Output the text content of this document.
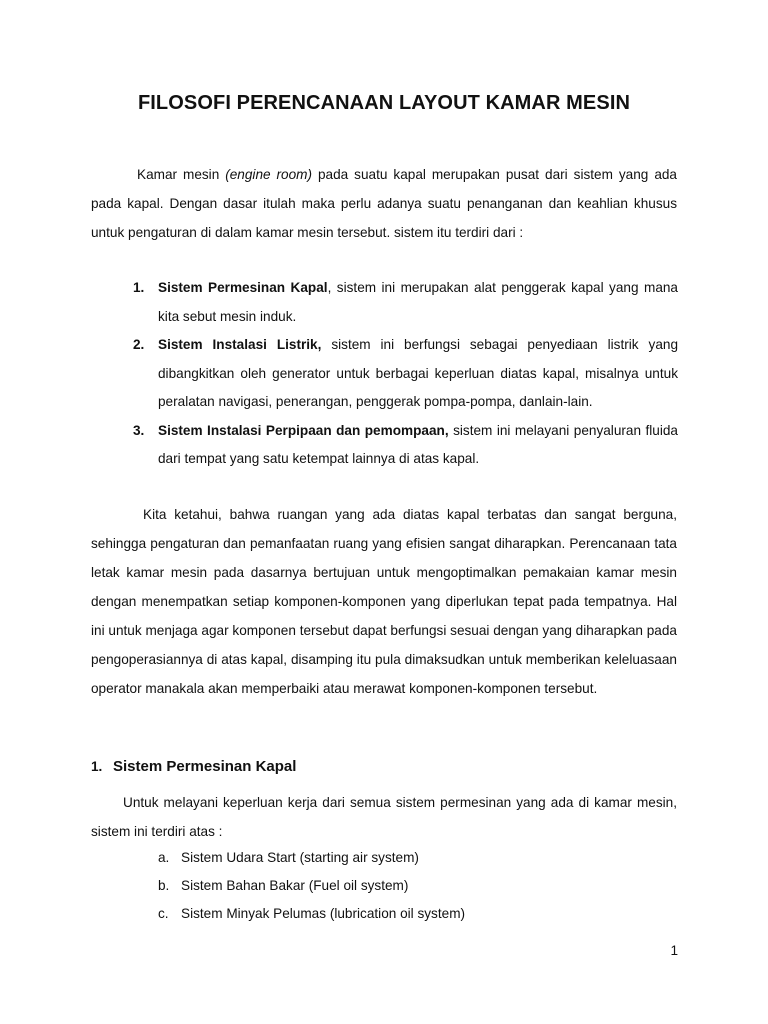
FILOSOFI PERENCANAAN LAYOUT KAMAR MESIN

Kamar mesin (engine room) pada suatu kapal merupakan pusat dari sistem yang ada pada kapal. Dengan dasar itulah maka perlu adanya suatu penanganan dan keahlian khusus untuk pengaturan di dalam kamar mesin tersebut. sistem itu terdiri dari :

1. Sistem Permesinan Kapal, sistem ini merupakan alat penggerak kapal yang mana kita sebut mesin induk.
2. Sistem Instalasi Listrik, sistem ini berfungsi sebagai penyediaan listrik yang dibangkitkan oleh generator untuk berbagai keperluan diatas kapal, misalnya untuk peralatan navigasi, penerangan, penggerak pompa-pompa, danlain-lain.
3. Sistem Instalasi Perpipaan dan pemompaan, sistem ini melayani penyaluran fluida dari tempat yang satu ketempat lainnya di atas kapal.

Kita ketahui, bahwa ruangan yang ada diatas kapal terbatas dan sangat berguna, sehingga pengaturan dan pemanfaatan ruang yang efisien sangat diharapkan. Perencanaan tata letak kamar mesin pada dasarnya bertujuan untuk mengoptimalkan pemakaian kamar mesin dengan menempatkan setiap komponen-komponen yang diperlukan tepat pada tempatnya. Hal ini untuk menjaga agar komponen tersebut dapat berfungsi sesuai dengan yang diharapkan pada pengoperasiannya di atas kapal, disamping itu pula dimaksudkan untuk memberikan keleluasaan operator manakala akan memperbaiki atau merawat komponen-komponen tersebut.

1. Sistem Permesinan Kapal

Untuk melayani keperluan kerja dari semua sistem permesinan yang ada di kamar mesin, sistem ini terdiri atas :

a. Sistem Udara Start (starting air system)
b. Sistem Bahan Bakar (Fuel oil system)
c. Sistem Minyak Pelumas (lubrication oil system)
1
